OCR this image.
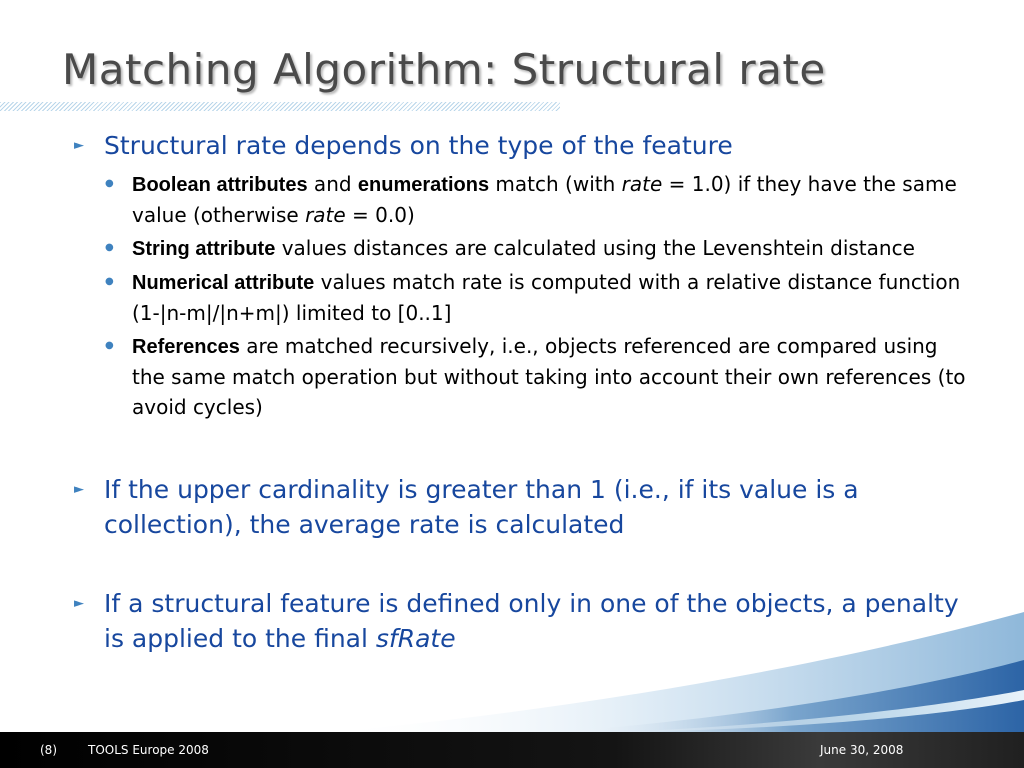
Matching Algorithm: Structural rate
► Structural rate depends on the type of the feature
● Boolean attributes and enumerations match (with rate = 1.0) if they have the same value (otherwise rate = 0.0)
● String attribute values distances are calculated using the Levenshtein distance
● Numerical attribute values match rate is computed with a relative distance function (1-|n-m|/|n+m|) limited to [0..1]
● References are matched recursively, i.e., objects referenced are compared using the same match operation but without taking into account their own references (to avoid cycles)
► If the upper cardinality is greater than 1 (i.e., if its value is a collection), the average rate is calculated
► If a structural feature is defined only in one of the objects, a penalty is applied to the final sfRate
(8)	TOOLS Europe 2008	June 30, 2008
